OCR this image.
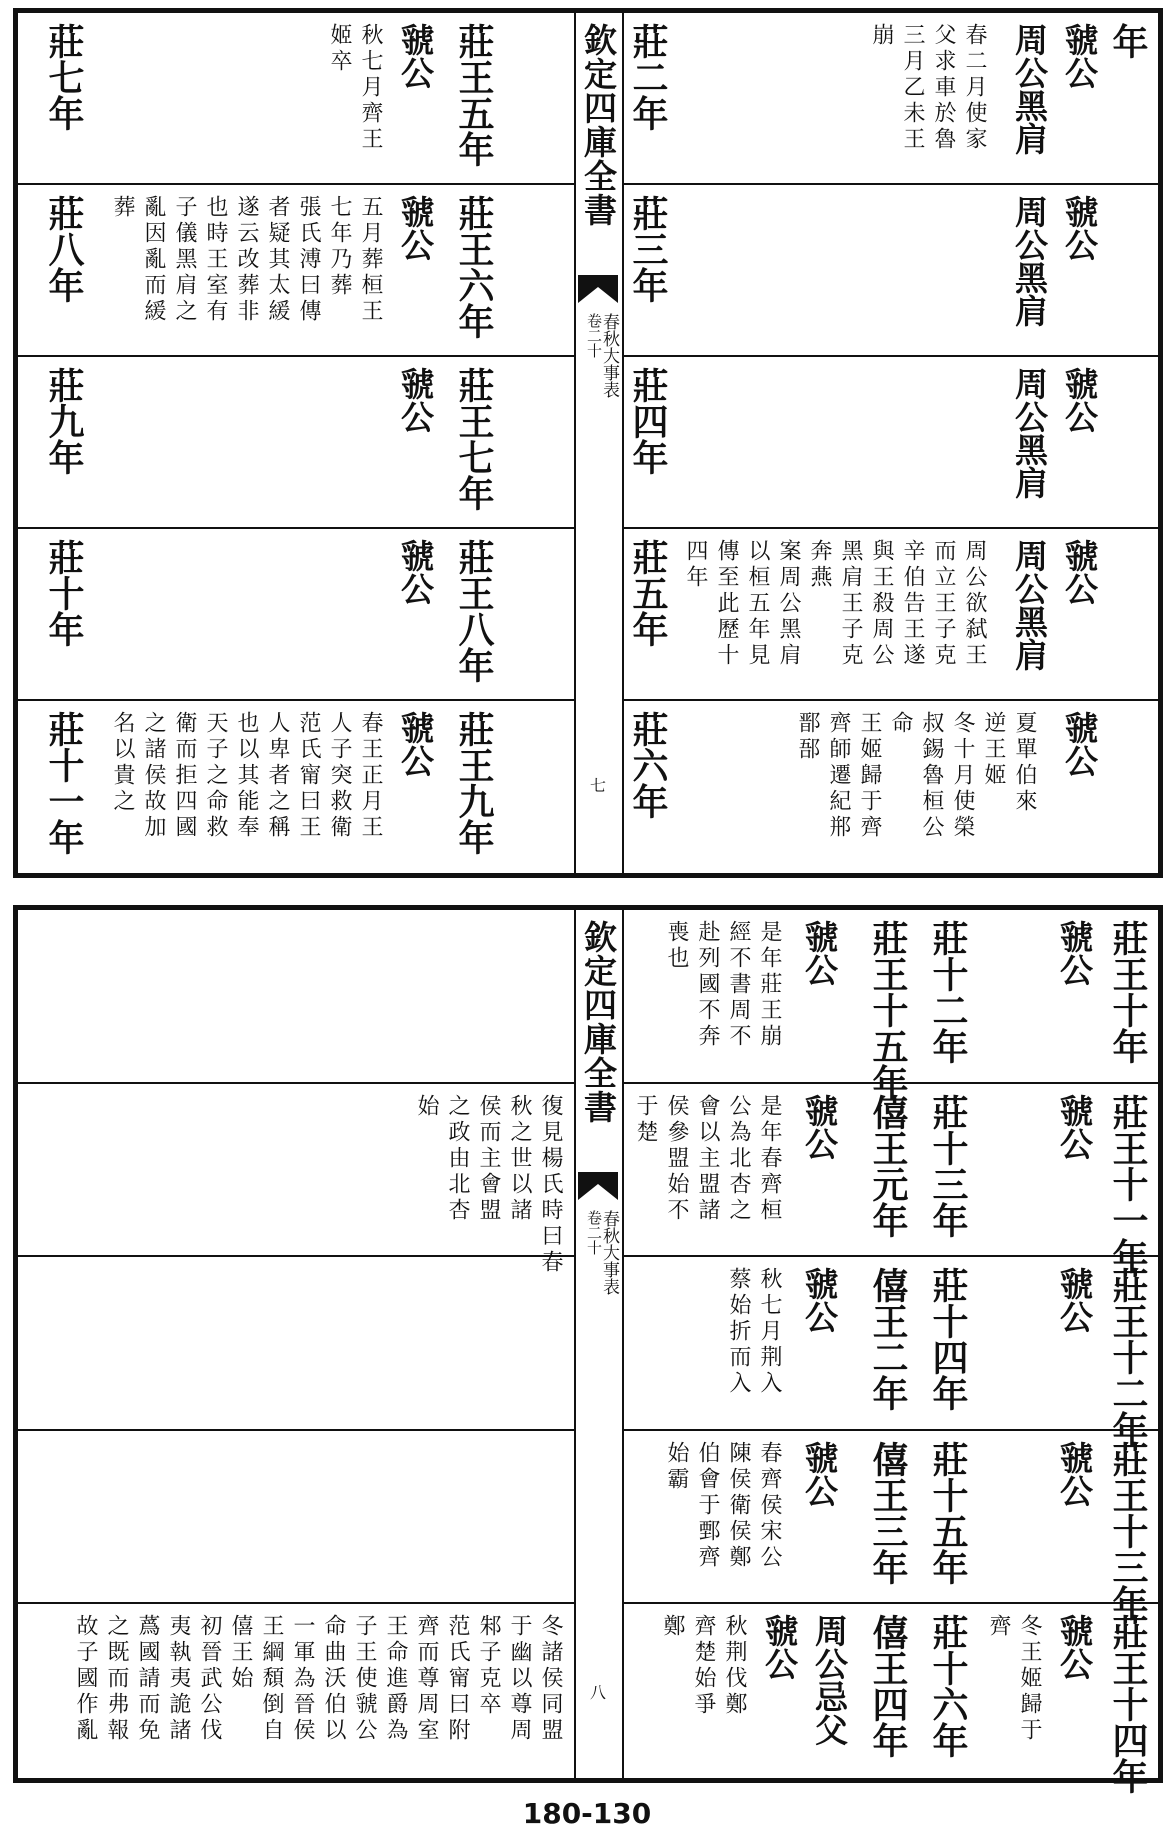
莊王五年
虢公
秋七月齊王
姬卒
莊七年
莊王六年
虢公
五月葬桓王
七年乃葬
張氏溥曰傳
者疑其太緩
遂云改葬非
也時王室有
子儀黑肩之
亂因亂而緩
葬
莊八年
莊王七年
虢公
莊九年
莊王八年
虢公
莊十年
莊王九年
虢公
春王正月王
人子突救衛
范氏甯曰王
人卑者之稱
也以其能奉
天子之命救
衛而拒四國
之諸侯故加
名以貴之
莊十一年
欽定四庫全書
春秋大事表
卷二十
七
年
虢公
周公黑肩
春二月使家
父求車於魯
三月乙未王
崩
莊二年
虢公
周公黑肩
莊三年
虢公
周公黑肩
莊四年
虢公
周公黑肩
周公欲弑王
而立王子克
辛伯告王遂
與王殺周公
黑肩王子克
奔燕
案周公黑肩
以桓五年見
傳至此歷十
四年
莊五年
虢公
夏單伯來
逆王姬
冬十月使榮
叔錫魯桓公
命
王姬歸于齊
齊師遷紀郱
鄑郚
莊六年
復見楊氏時曰春
秋之世以諸
侯而主會盟
之政由北杏
始
冬諸侯同盟
于幽以尊周
邾子克卒
范氏甯曰附
齊而尊周室
王命進爵為
子王使虢公
命曲沃伯以
一軍為晉侯
王綱頹倒自
僖王始
初晉武公伐
夷執夷詭諸
蔿國請而免
之既而弗報
故子國作亂
欽定四庫全書
春秋大事表
卷二十
八
莊王十年
虢公
莊十二年
莊王十五年
虢公
是年莊王崩
經不書周不
赴列國不奔
喪也
莊王十一年
虢公
莊十三年
僖王元年
虢公
是年春齊桓
公為北杏之
會以主盟諸
侯參盟始不
于楚
莊王十二年
虢公
莊十四年
僖王二年
虢公
秋七月荆入
蔡始折而入
莊王十三年
虢公
莊十五年
僖王三年
虢公
春齊侯宋公
陳侯衛侯鄭
伯會于鄄齊
始霸
莊王十四年
虢公
冬王姬歸于
齊
莊十六年
僖王四年
周公忌父
虢公
秋荆伐鄭
齊楚始爭
鄭
180-130
